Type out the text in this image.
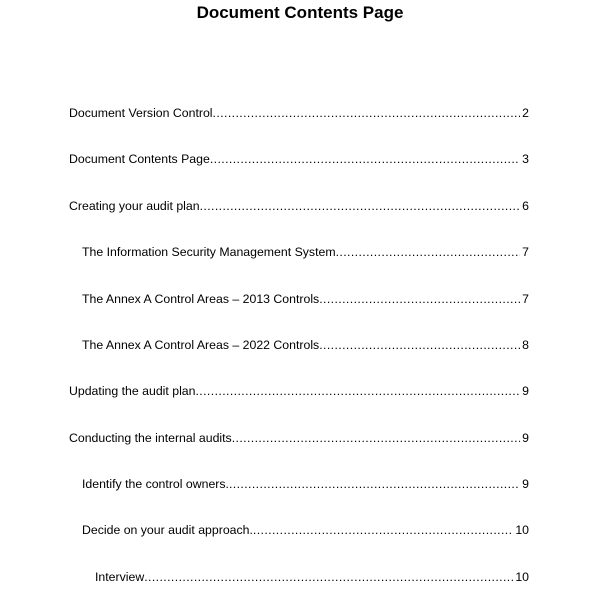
Document Contents Page
Document Version Control .....	2
Document Contents Page .....	3
Creating your audit plan .....	6
The Information Security Management System .....	7
The Annex A Control Areas – 2013 Controls .....	7
The Annex A Control Areas – 2022 Controls .....	8
Updating the audit plan .....	9
Conducting the internal audits .....	9
Identify the control owners. .....	9
Decide on your audit approach. .....	10
Interview .....	10
